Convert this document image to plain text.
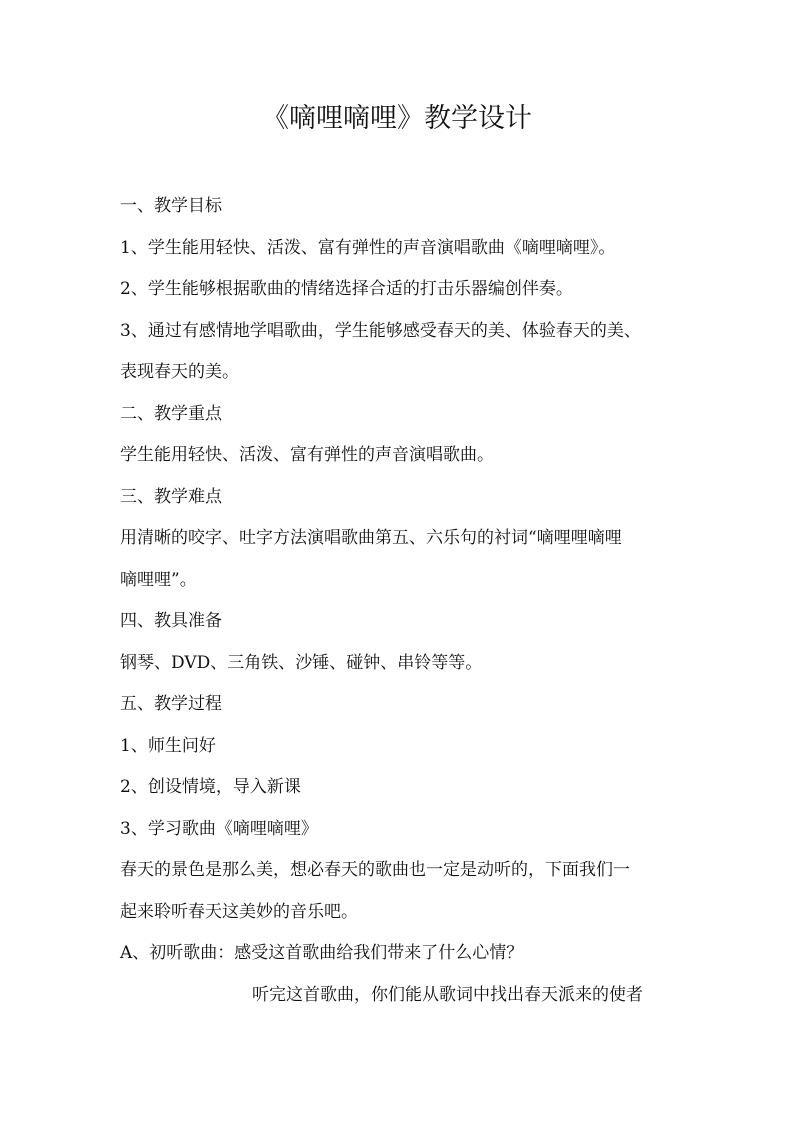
《嘀哩嘀哩》教学设计

一、教学目标

1、学生能用轻快、活泼、富有弹性的声音演唱歌曲《嘀哩嘀哩》。

2、学生能够根据歌曲的情绪选择合适的打击乐器编创伴奏。

3、通过有感情地学唱歌曲，学生能够感受春天的美、体验春天的美、

表现春天的美。

二、教学重点

学生能用轻快、活泼、富有弹性的声音演唱歌曲。

三、教学难点

用清晰的咬字、吐字方法演唱歌曲第五、六乐句的衬词“嘀哩哩嘀哩

嘀哩哩”。

四、教具准备

钢琴、DVD、三角铁、沙锤、碰钟、串铃等等。

五、教学过程

1、师生问好

2、创设情境，导入新课

3、学习歌曲《嘀哩嘀哩》

春天的景色是那么美，想必春天的歌曲也一定是动听的，下面我们一

起来聆听春天这美妙的音乐吧。

A、初听歌曲：感受这首歌曲给我们带来了什么心情？

听完这首歌曲，你们能从歌词中找出春天派来的使者
